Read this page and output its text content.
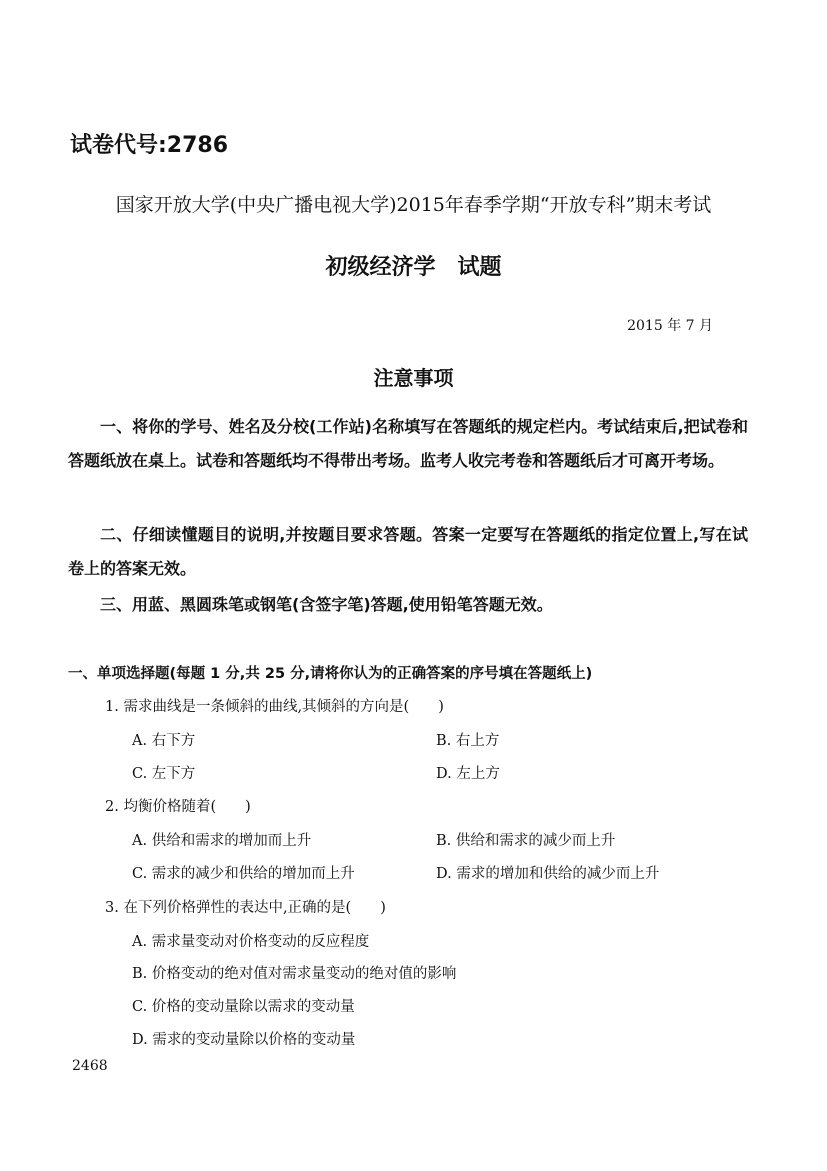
试卷代号:2786
国家开放大学(中央广播电视大学)2015年春季学期“开放专科”期末考试
初级经济学　试题
2015 年 7 月
注意事项
一、将你的学号、姓名及分校(工作站)名称填写在答题纸的规定栏内。考试结束后,把试卷和答题纸放在桌上。试卷和答题纸均不得带出考场。监考人收完考卷和答题纸后才可离开考场。
二、仔细读懂题目的说明,并按题目要求答题。答案一定要写在答题纸的指定位置上,写在试卷上的答案无效。
三、用蓝、黑圆珠笔或钢笔(含签字笔)答题,使用铅笔答题无效。
一、单项选择题(每题 1 分,共 25 分,请将你认为的正确答案的序号填在答题纸上)
1. 需求曲线是一条倾斜的曲线,其倾斜的方向是(　　)
A. 右下方	B. 右上方
C. 左下方	D. 左上方
2. 均衡价格随着(　　)
A. 供给和需求的增加而上升	B. 供给和需求的减少而上升
C. 需求的减少和供给的增加而上升	D. 需求的增加和供给的减少而上升
3. 在下列价格弹性的表达中,正确的是(　　)
A. 需求量变动对价格变动的反应程度
B. 价格变动的绝对值对需求量变动的绝对值的影响
C. 价格的变动量除以需求的变动量
D. 需求的变动量除以价格的变动量
2468
